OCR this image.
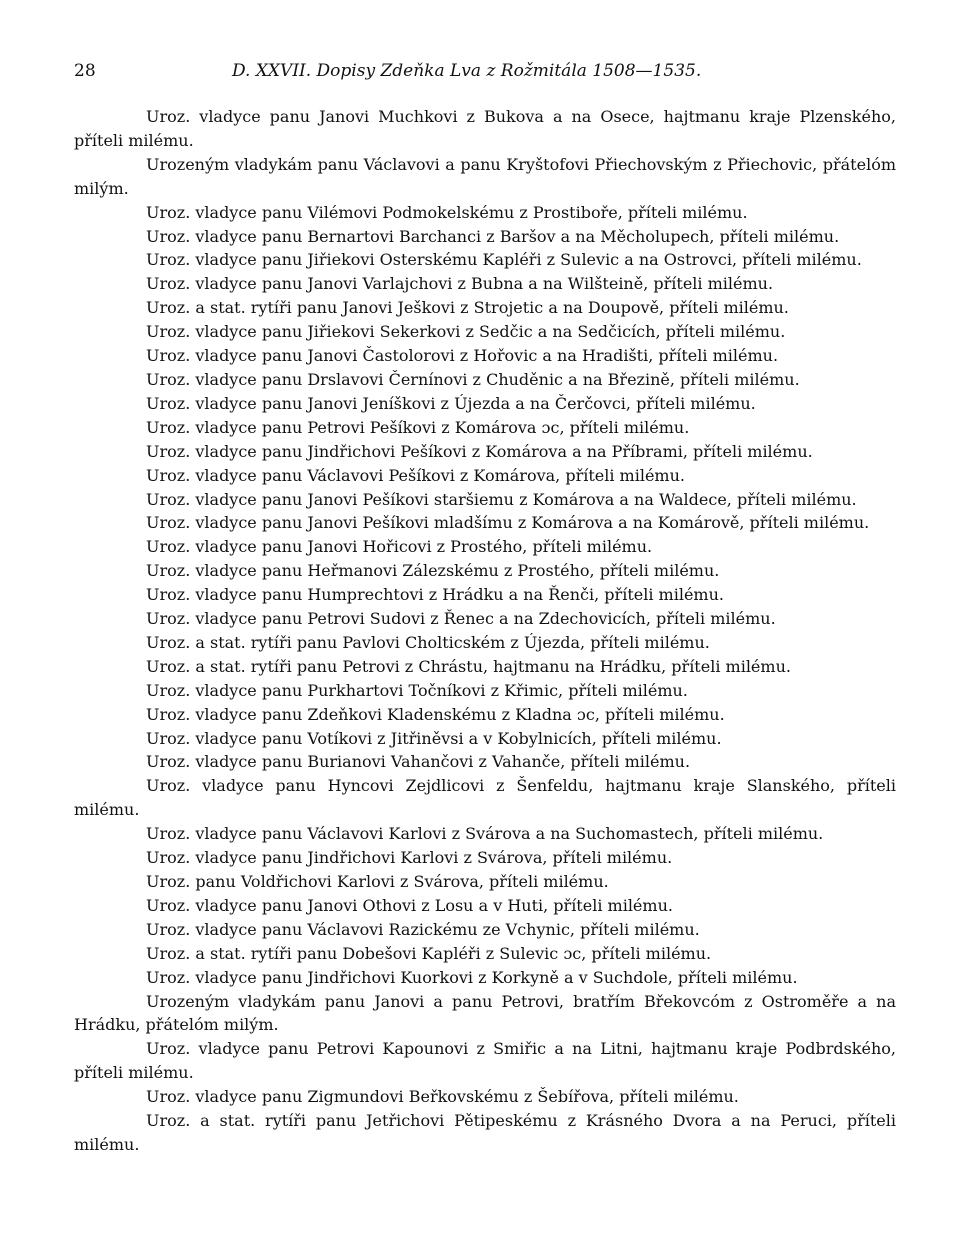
28	D. XXVII. Dopisy Zdeňka Lva z Rožmitála 1508—1535.

Uroz. vladyce panu Janovi Muchkovi z Bukova a na Osece, hajtmanu kraje Plzenského, příteli milému.

Urozeným vladykám panu Václavovi a panu Kryštofovi Přiechovským z Přiechovic, přátelóm milým.

Uroz. vladyce panu Vilémovi Podmokelskému z Prostiboře, příteli milému.

Uroz. vladyce panu Bernartovi Barchanci z Baršov a na Měcholupech, příteli milému.

Uroz. vladyce panu Jiřiekovi Osterskému Kapléři z Sulevic a na Ostrovci, příteli milému.

Uroz. vladyce panu Janovi Varlajchovi z Bubna a na Wilšteině, příteli milému.

Uroz. a stat. rytíři panu Janovi Ješkovi z Strojetic a na Doupově, příteli milému.

Uroz. vladyce panu Jiřiekovi Sekerkovi z Sedčic a na Sedčicích, příteli milému.

Uroz. vladyce panu Janovi Častolorovi z Hořovic a na Hradišti, příteli milému.

Uroz. vladyce panu Drslavovi Černínovi z Chuděnic a na Březině, příteli milému.

Uroz. vladyce panu Janovi Jeníškovi z Újezda a na Čerčovci, příteli milému.

Uroz. vladyce panu Petrovi Pešíkovi z Komárova ɔc, příteli milému.

Uroz. vladyce panu Jindřichovi Pešíkovi z Komárova a na Příbrami, příteli milému.

Uroz. vladyce panu Václavovi Pešíkovi z Komárova, příteli milému.

Uroz. vladyce panu Janovi Pešíkovi staršiemu z Komárova a na Waldece, příteli milému.

Uroz. vladyce panu Janovi Pešíkovi mladšímu z Komárova a na Komárově, příteli milému.

Uroz. vladyce panu Janovi Hořicovi z Prostého, příteli milému.

Uroz. vladyce panu Heřmanovi Zálezskému z Prostého, příteli milému.

Uroz. vladyce panu Humprechtovi z Hrádku a na Řenči, příteli milému.

Uroz. vladyce panu Petrovi Sudovi z Řenec a na Zdechovicích, příteli milému.

Uroz. a stat. rytíři panu Pavlovi Cholticském z Újezda, příteli milému.

Uroz. a stat. rytíři panu Petrovi z Chrástu, hajtmanu na Hrádku, příteli milému.

Uroz. vladyce panu Purkhartovi Točníkovi z Křimic, příteli milému.

Uroz. vladyce panu Zdeňkovi Kladenskému z Kladna ɔc, příteli milému.

Uroz. vladyce panu Votíkovi z Jitřiněvsi a v Kobylnicích, příteli milému.

Uroz. vladyce panu Burianovi Vahančovi z Vahanče, příteli milému.

Uroz. vladyce panu Hyncovi Zejdlicovi z Šenfeldu, hajtmanu kraje Slanského, příteli milému.

Uroz. vladyce panu Václavovi Karlovi z Svárova a na Suchomastech, příteli milému.

Uroz. vladyce panu Jindřichovi Karlovi z Svárova, příteli milému.

Uroz. panu Voldřichovi Karlovi z Svárova, příteli milému.

Uroz. vladyce panu Janovi Othovi z Losu a v Huti, příteli milému.

Uroz. vladyce panu Václavovi Razickému ze Vchynic, příteli milému.

Uroz. a stat. rytíři panu Dobešovi Kapléři z Sulevic ɔc, příteli milému.

Uroz. vladyce panu Jindřichovi Kuorkovi z Korkyně a v Suchdole, příteli milému.

Urozeným vladykám panu Janovi a panu Petrovi, bratřím Břekovcóm z Ostroměře a na Hrádku, přátelóm milým.

Uroz. vladyce panu Petrovi Kapounovi z Smiřic a na Litni, hajtmanu kraje Podbrdského, příteli milému.

Uroz. vladyce panu Zigmundovi Beřkovskému z Šebířova, příteli milému.

Uroz. a stat. rytíři panu Jetřichovi Pětipeskému z Krásného Dvora a na Peruci, příteli milému.
